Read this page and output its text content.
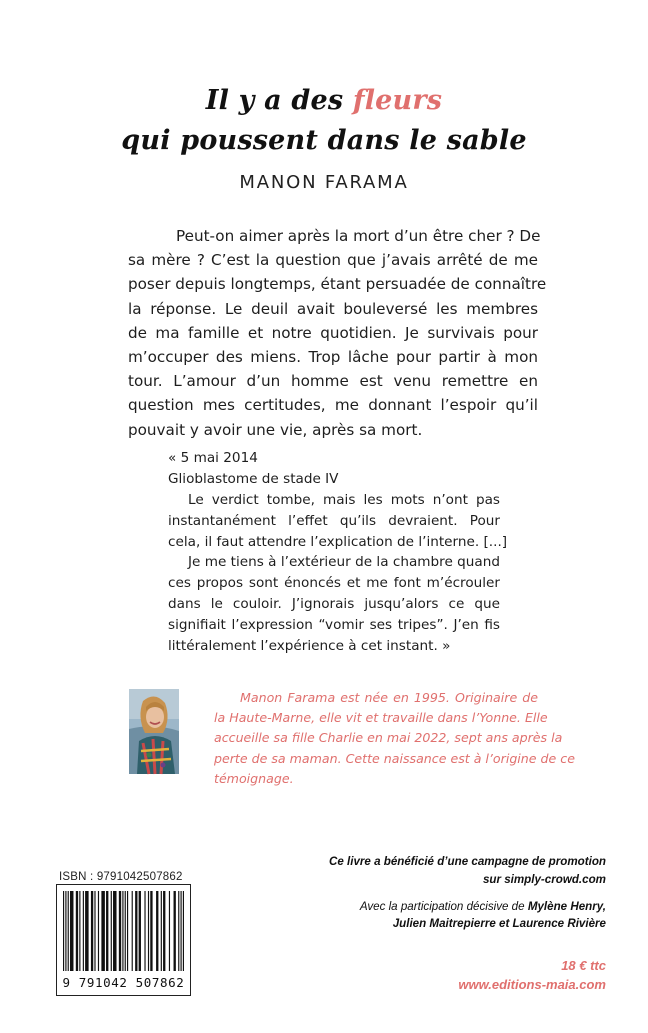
Il y a des fleurs
qui poussent dans le sable
MANON FARAMA
Peut-on aimer après la mort d’un être cher ? De
sa mère ? C’est la question que j’avais arrêté de me
poser depuis longtemps, étant persuadée de connaître
la réponse. Le deuil avait bouleversé les membres
de ma famille et notre quotidien. Je survivais pour
m’occuper des miens. Trop lâche pour partir à mon
tour. L’amour d’un homme est venu remettre en
question mes certitudes, me donnant l’espoir qu’il
pouvait y avoir une vie, après sa mort.
« 5 mai 2014
Glioblastome de stade IV
Le verdict tombe, mais les mots n’ont pas
instantanément l’effet qu’ils devraient. Pour
cela, il faut attendre l’explication de l’interne. [...]
Je me tiens à l’extérieur de la chambre quand
ces propos sont énoncés et me font m’écrouler
dans le couloir. J’ignorais jusqu’alors ce que
signifiait l’expression “vomir ses tripes”. J’en fis
littéralement l’expérience à cet instant. »
Manon Farama est née en 1995. Originaire de
la Haute-Marne, elle vit et travaille dans l’Yonne. Elle
accueille sa fille Charlie en mai 2022, sept ans après la
perte de sa maman. Cette naissance est à l’origine de ce
témoignage.
ISBN : 9791042507862
9 791042 507862
Ce livre a bénéficié d’une campagne de promotion
sur simply-crowd.com
Avec la participation décisive de Mylène Henry,
Julien Maitrepierre et Laurence Rivière
18 € ttc
www.editions-maia.com
